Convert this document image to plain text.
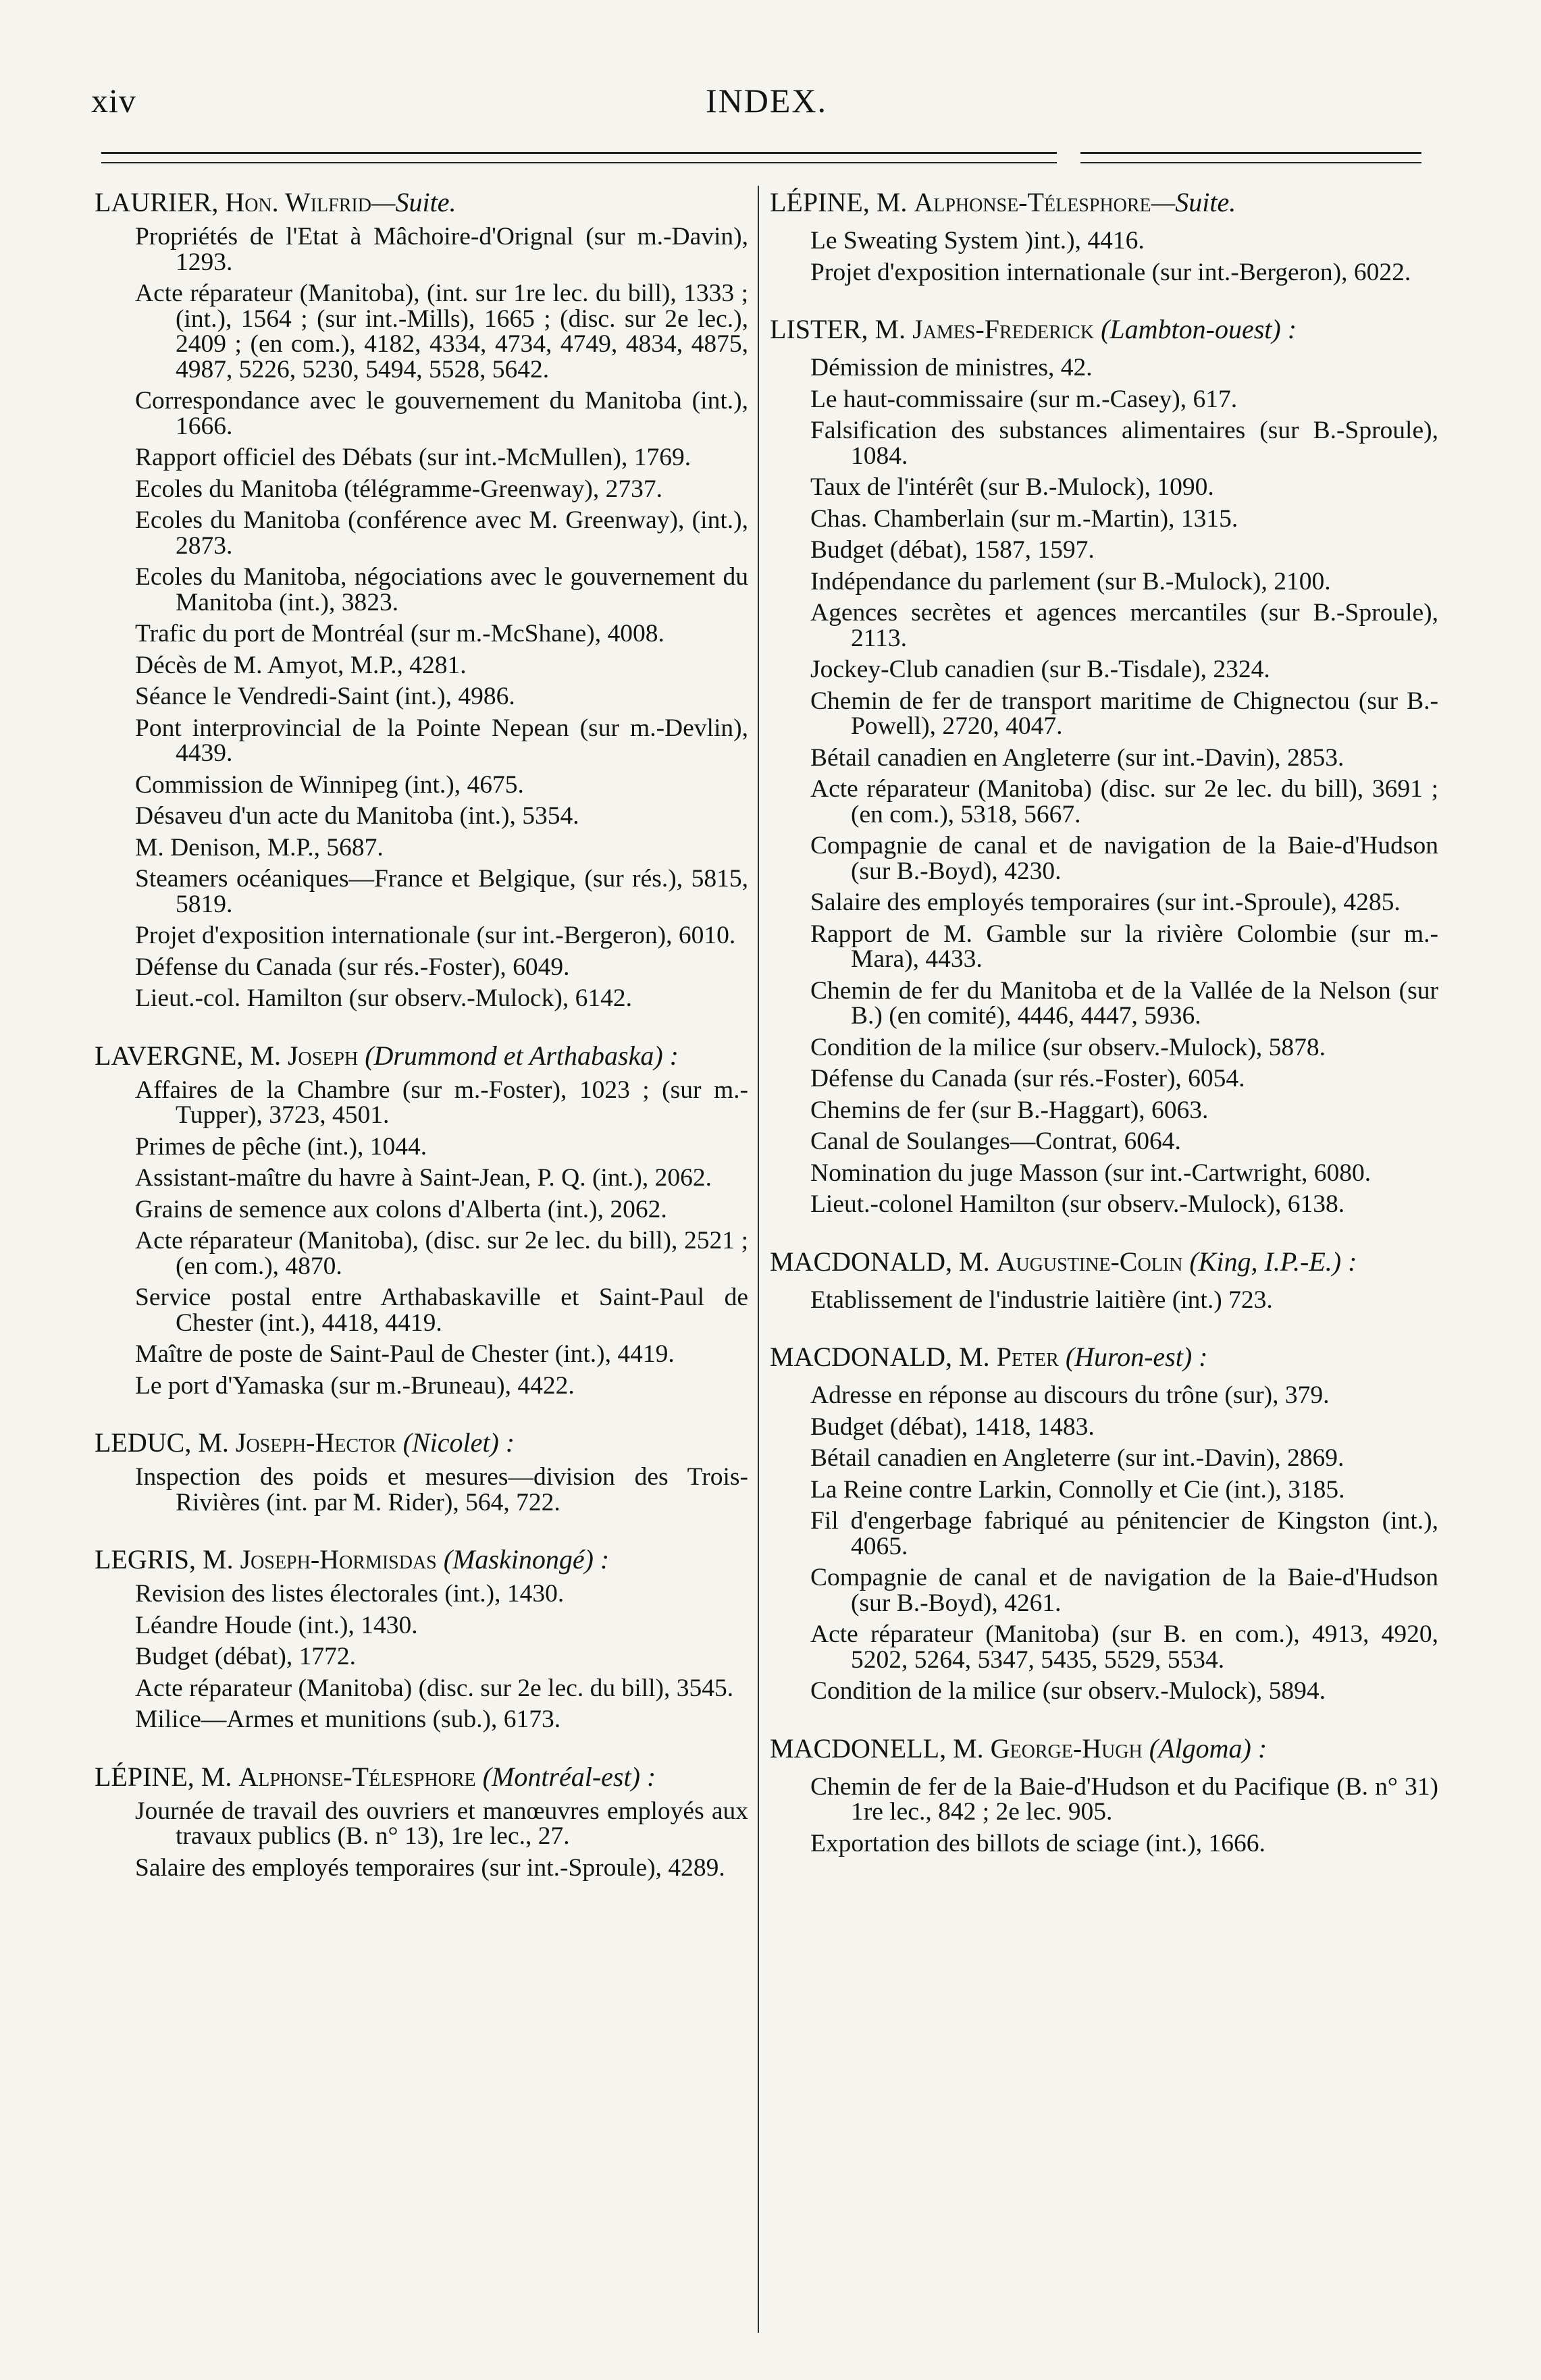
xiv	INDEX.
LAURIER, Hon. Wilfrid—Suite.
Propriétés de l'Etat à Mâchoire-d'Orignal (sur m.-Davin), 1293.
Acte réparateur (Manitoba), (int. sur 1re lec. du bill), 1333 ; (int.), 1564 ; (sur int.-Mills), 1665 ; (disc. sur 2e lec.), 2409 ; (en com.), 4182, 4334, 4734, 4749, 4834, 4875, 4987, 5226, 5230, 5494, 5528, 5642.
Correspondance avec le gouvernement du Manitoba (int.), 1666.
Rapport officiel des Débats (sur int.-McMullen), 1769.
Ecoles du Manitoba (télégramme-Greenway), 2737.
Ecoles du Manitoba (conférence avec M. Greenway), (int.), 2873.
Ecoles du Manitoba, négociations avec le gouvernement du Manitoba (int.), 3823.
Trafic du port de Montréal (sur m.-McShane), 4008.
Décès de M. Amyot, M.P., 4281.
Séance le Vendredi-Saint (int.), 4986.
Pont interprovincial de la Pointe Nepean (sur m.-Devlin), 4439.
Commission de Winnipeg (int.), 4675.
Désaveu d'un acte du Manitoba (int.), 5354.
M. Denison, M.P., 5687.
Steamers océaniques—France et Belgique, (sur rés.), 5815, 5819.
Projet d'exposition internationale (sur int.-Bergeron), 6010.
Défense du Canada (sur rés.-Foster), 6049.
Lieut.-col. Hamilton (sur observ.-Mulock), 6142.
LAVERGNE, M. Joseph (Drummond et Arthabaska) :
Affaires de la Chambre (sur m.-Foster), 1023 ; (sur m.-Tupper), 3723, 4501.
Primes de pêche (int.), 1044.
Assistant-maître du havre à Saint-Jean, P. Q. (int.), 2062.
Grains de semence aux colons d'Alberta (int.), 2062.
Acte réparateur (Manitoba), (disc. sur 2e lec. du bill), 2521 ; (en com.), 4870.
Service postal entre Arthabaskaville et Saint-Paul de Chester (int.), 4418, 4419.
Maître de poste de Saint-Paul de Chester (int.), 4419.
Le port d'Yamaska (sur m.-Bruneau), 4422.
LEDUC, M. Joseph-Hector (Nicolet) :
Inspection des poids et mesures—division des Trois-Rivières (int. par M. Rider), 564, 722.
LEGRIS, M. Joseph-Hormisdas (Maskinongé) :
Revision des listes électorales (int.), 1430.
Léandre Houde (int.), 1430.
Budget (débat), 1772.
Acte réparateur (Manitoba) (disc. sur 2e lec. du bill), 3545.
Milice—Armes et munitions (sub.), 6173.
LÉPINE, M. Alphonse-Télesphore (Montréal-est) :
Journée de travail des ouvriers et manœuvres employés aux travaux publics (B. n° 13), 1re lec., 27.
Salaire des employés temporaires (sur int.-Sproule), 4289.
LÉPINE, M. Alphonse-Télesphore—Suite.
Le Sweating System )int.), 4416.
Projet d'exposition internationale (sur int.-Bergeron), 6022.
LISTER, M. James-Frederick (Lambton-ouest) :
Démission de ministres, 42.
Le haut-commissaire (sur m.-Casey), 617.
Falsification des substances alimentaires (sur B.-Sproule), 1084.
Taux de l'intérêt (sur B.-Mulock), 1090.
Chas. Chamberlain (sur m.-Martin), 1315.
Budget (débat), 1587, 1597.
Indépendance du parlement (sur B.-Mulock), 2100.
Agences secrètes et agences mercantiles (sur B.-Sproule), 2113.
Jockey-Club canadien (sur B.-Tisdale), 2324.
Chemin de fer de transport maritime de Chignectou (sur B.-Powell), 2720, 4047.
Bétail canadien en Angleterre (sur int.-Davin), 2853.
Acte réparateur (Manitoba) (disc. sur 2e lec. du bill), 3691 ; (en com.), 5318, 5667.
Compagnie de canal et de navigation de la Baie-d'Hudson (sur B.-Boyd), 4230.
Salaire des employés temporaires (sur int.-Sproule), 4285.
Rapport de M. Gamble sur la rivière Colombie (sur m.-Mara), 4433.
Chemin de fer du Manitoba et de la Vallée de la Nelson (sur B.) (en comité), 4446, 4447, 5936.
Condition de la milice (sur observ.-Mulock), 5878.
Défense du Canada (sur rés.-Foster), 6054.
Chemins de fer (sur B.-Haggart), 6063.
Canal de Soulanges—Contrat, 6064.
Nomination du juge Masson (sur int.-Cartwright, 6080.
Lieut.-colonel Hamilton (sur observ.-Mulock), 6138.
MACDONALD, M. Augustine-Colin (King, I.P.-E.) :
Etablissement de l'industrie laitière (int.) 723.
MACDONALD, M. Peter (Huron-est) :
Adresse en réponse au discours du trône (sur), 379.
Budget (débat), 1418, 1483.
Bétail canadien en Angleterre (sur int.-Davin), 2869.
La Reine contre Larkin, Connolly et Cie (int.), 3185.
Fil d'engerbage fabriqué au pénitencier de Kingston (int.), 4065.
Compagnie de canal et de navigation de la Baie-d'Hudson (sur B.-Boyd), 4261.
Acte réparateur (Manitoba) (sur B. en com.), 4913, 4920, 5202, 5264, 5347, 5435, 5529, 5534.
Condition de la milice (sur observ.-Mulock), 5894.
MACDONELL, M. George-Hugh (Algoma) :
Chemin de fer de la Baie-d'Hudson et du Pacifique (B. n° 31) 1re lec., 842 ; 2e lec. 905.
Exportation des billots de sciage (int.), 1666.
